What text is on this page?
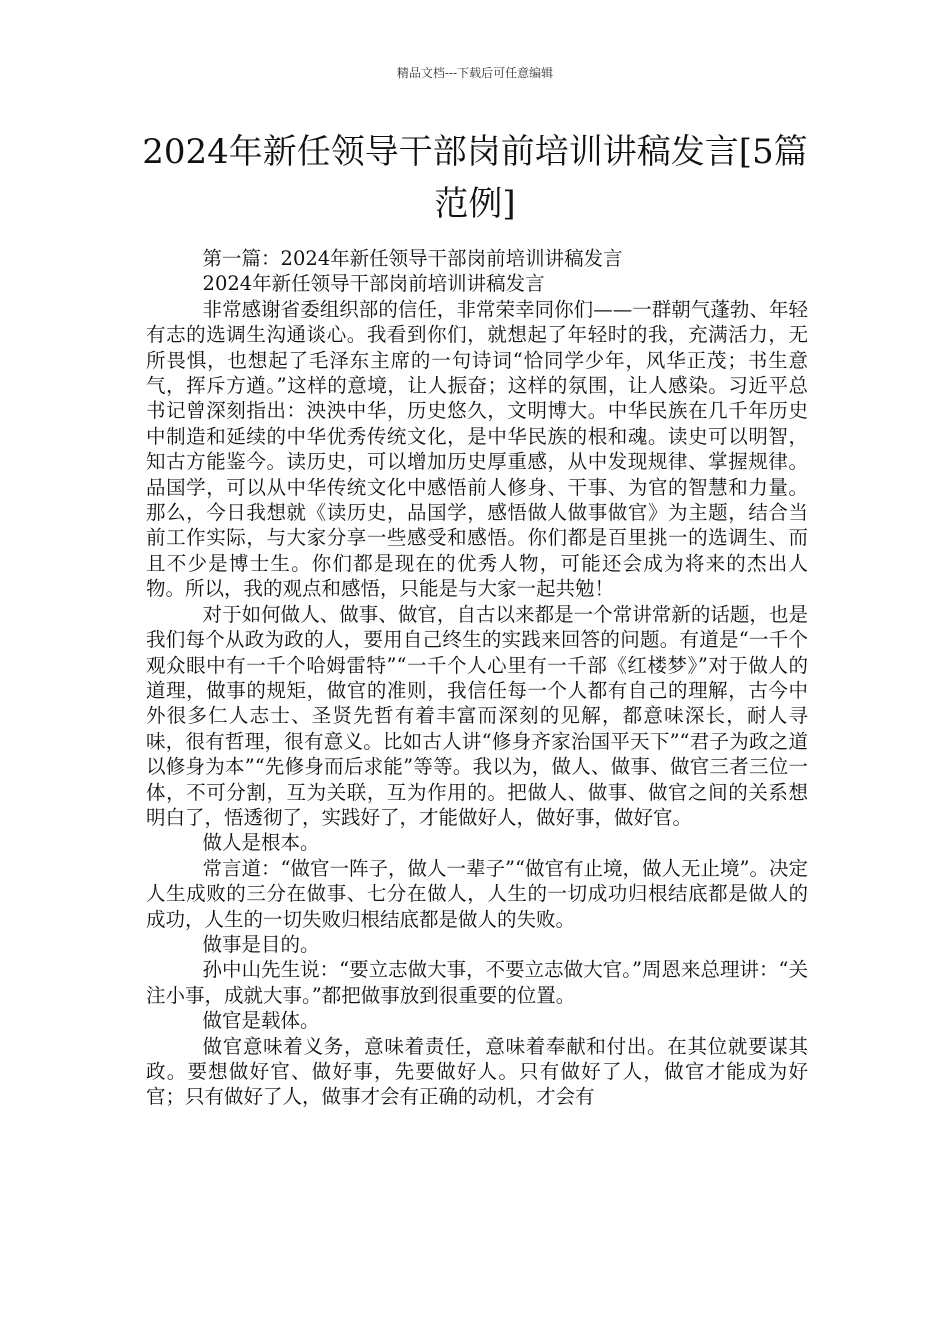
精品文档---下载后可任意编辑
2024年新任领导干部岗前培训讲稿发言[5篇范例]

第一篇：2024年新任领导干部岗前培训讲稿发言

2024年新任领导干部岗前培训讲稿发言

非常感谢省委组织部的信任，非常荣幸同你们——一群朝气蓬勃、年轻有志的选调生沟通谈心。我看到你们，就想起了年轻时的我，充满活力，无所畏惧，也想起了毛泽东主席的一句诗词“恰同学少年，风华正茂；书生意气，挥斥方遒。”这样的意境，让人振奋；这样的氛围，让人感染。习近平总书记曾深刻指出：泱泱中华，历史悠久，文明博大。中华民族在几千年历史中制造和延续的中华优秀传统文化，是中华民族的根和魂。读史可以明智，知古方能鉴今。读历史，可以增加历史厚重感，从中发现规律、掌握规律。品国学，可以从中华传统文化中感悟前人修身、干事、为官的智慧和力量。那么，今日我想就《读历史，品国学，感悟做人做事做官》为主题，结合当前工作实际，与大家分享一些感受和感悟。你们都是百里挑一的选调生、而且不少是博士生。你们都是现在的优秀人物，可能还会成为将来的杰出人物。所以，我的观点和感悟，只能是与大家一起共勉！

对于如何做人、做事、做官，自古以来都是一个常讲常新的话题，也是我们每个从政为政的人，要用自己终生的实践来回答的问题。有道是“一千个观众眼中有一千个哈姆雷特”“一千个人心里有一千部《红楼梦》”对于做人的道理，做事的规矩，做官的准则，我信任每一个人都有自己的理解，古今中外很多仁人志士、圣贤先哲有着丰富而深刻的见解，都意味深长，耐人寻味，很有哲理，很有意义。比如古人讲“修身齐家治国平天下”“君子为政之道以修身为本”“先修身而后求能”等等。我以为，做人、做事、做官三者三位一体，不可分割，互为关联，互为作用的。把做人、做事、做官之间的关系想明白了，悟透彻了，实践好了，才能做好人，做好事，做好官。

做人是根本。

常言道：“做官一阵子，做人一辈子”“做官有止境，做人无止境”。决定人生成败的三分在做事、七分在做人，人生的一切成功归根结底都是做人的成功，人生的一切失败归根结底都是做人的失败。

做事是目的。

孙中山先生说：“要立志做大事，不要立志做大官。”周恩来总理讲：“关注小事，成就大事。”都把做事放到很重要的位置。

做官是载体。

做官意味着义务，意味着责任，意味着奉献和付出。在其位就要谋其政。要想做好官、做好事，先要做好人。只有做好了人，做官才能成为好官；只有做好了人，做事才会有正确的动机，才会有
